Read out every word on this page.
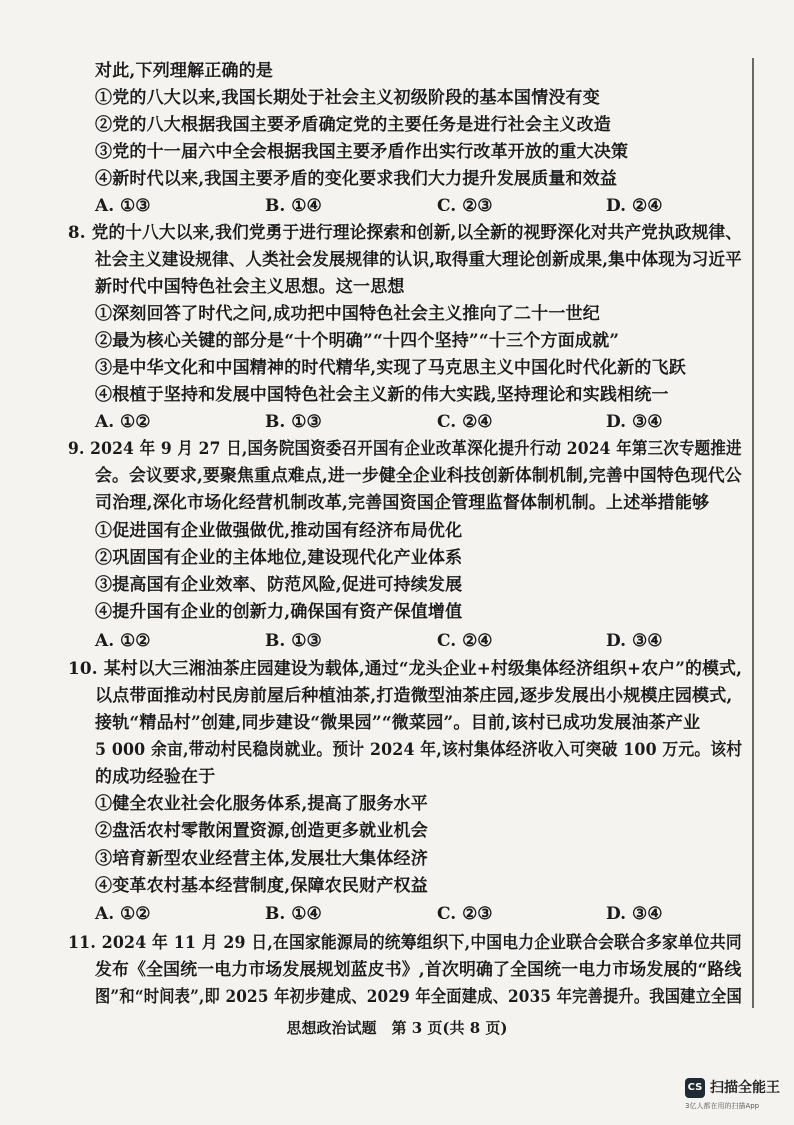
对此,下列理解正确的是
①党的八大以来,我国长期处于社会主义初级阶段的基本国情没有变
②党的八大根据我国主要矛盾确定党的主要任务是进行社会主义改造
③党的十一届六中全会根据我国主要矛盾作出实行改革开放的重大决策
④新时代以来,我国主要矛盾的变化要求我们大力提升发展质量和效益
A. ①③	B. ①④	C. ②③	D. ②④
8. 党的十八大以来,我们党勇于进行理论探索和创新,以全新的视野深化对共产党执政规律、
社会主义建设规律、人类社会发展规律的认识,取得重大理论创新成果,集中体现为习近平
新时代中国特色社会主义思想。这一思想
①深刻回答了时代之问,成功把中国特色社会主义推向了二十一世纪
②最为核心关键的部分是“十个明确”“十四个坚持”“十三个方面成就”
③是中华文化和中国精神的时代精华,实现了马克思主义中国化时代化新的飞跃
④根植于坚持和发展中国特色社会主义新的伟大实践,坚持理论和实践相统一
A. ①②	B. ①③	C. ②④	D. ③④
9. 2024 年 9 月 27 日,国务院国资委召开国有企业改革深化提升行动 2024 年第三次专题推进
会。会议要求,要聚焦重点难点,进一步健全企业科技创新体制机制,完善中国特色现代公
司治理,深化市场化经营机制改革,完善国资国企管理监督体制机制。上述举措能够
①促进国有企业做强做优,推动国有经济布局优化
②巩固国有企业的主体地位,建设现代化产业体系
③提高国有企业效率、防范风险,促进可持续发展
④提升国有企业的创新力,确保国有资产保值增值
A. ①②	B. ①③	C. ②④	D. ③④
10. 某村以大三湘油茶庄园建设为载体,通过“龙头企业+村级集体经济组织+农户”的模式,
以点带面推动村民房前屋后种植油茶,打造微型油茶庄园,逐步发展出小规模庄园模式,
接轨“精品村”创建,同步建设“微果园”“微菜园”。目前,该村已成功发展油茶产业
5 000 余亩,带动村民稳岗就业。预计 2024 年,该村集体经济收入可突破 100 万元。该村
的成功经验在于
①健全农业社会化服务体系,提高了服务水平
②盘活农村零散闲置资源,创造更多就业机会
③培育新型农业经营主体,发展壮大集体经济
④变革农村基本经营制度,保障农民财产权益
A. ①②	B. ①④	C. ②③	D. ③④
11. 2024 年 11 月 29 日,在国家能源局的统筹组织下,中国电力企业联合会联合多家单位共同
发布《全国统一电力市场发展规划蓝皮书》,首次明确了全国统一电力市场发展的“路线
图”和“时间表”,即 2025 年初步建成、2029 年全面建成、2035 年完善提升。我国建立全国
思想政治试题　第 3 页(共 8 页)
CS 扫描全能王
3亿人都在用的扫描App
